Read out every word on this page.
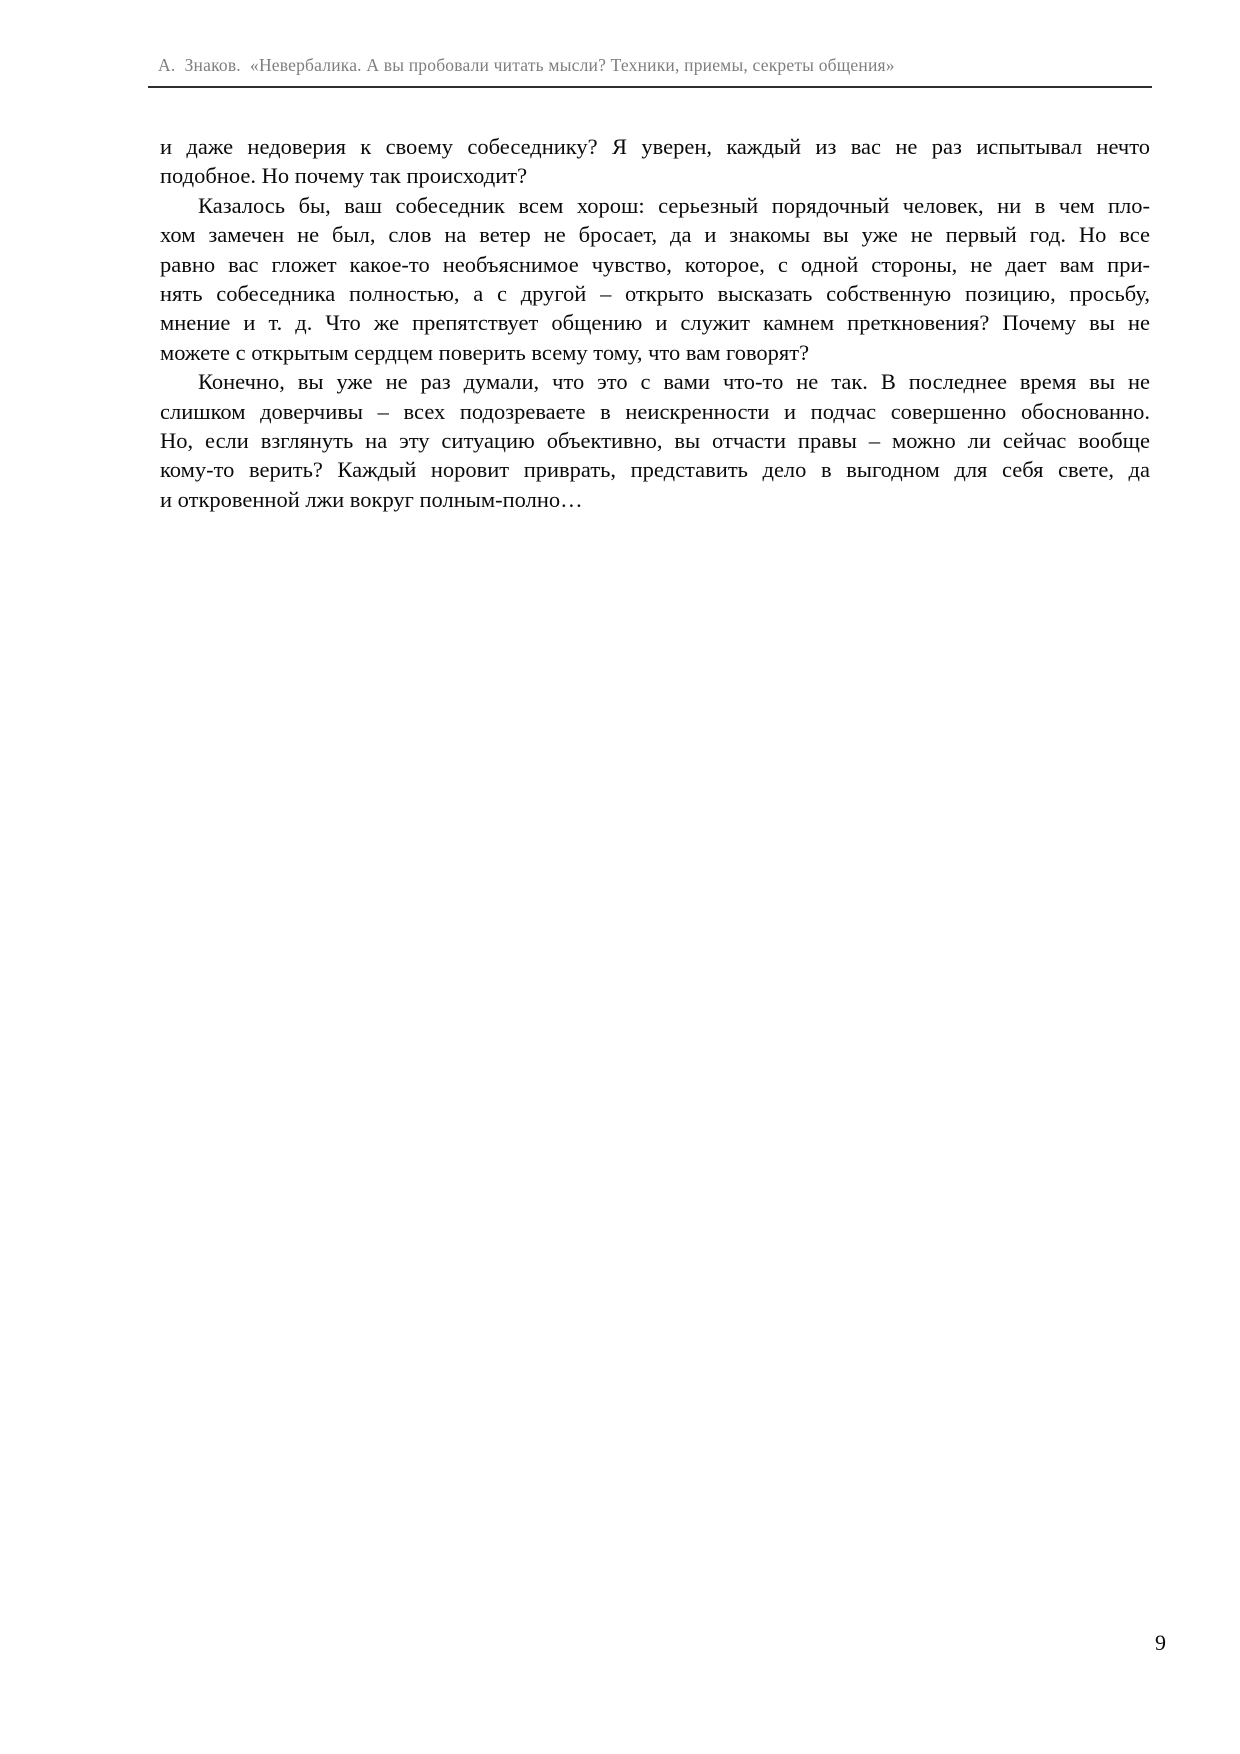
А.  Знаков.  «Невербалика. А вы пробовали читать мысли? Техники, приемы, секреты общения»
и даже недоверия к своему собеседнику? Я уверен, каждый из вас не раз испытывал нечто
подобное. Но почему так происходит?
Казалось бы, ваш собеседник всем хорош: серьезный порядочный человек, ни в чем пло-
хом замечен не был, слов на ветер не бросает, да и знакомы вы уже не первый год. Но все
равно вас гложет какое-то необъяснимое чувство, которое, с одной стороны, не дает вам при-
нять собеседника полностью, а с другой – открыто высказать собственную позицию, просьбу,
мнение и т. д. Что же препятствует общению и служит камнем преткновения? Почему вы не
можете с открытым сердцем поверить всему тому, что вам говорят?
Конечно, вы уже не раз думали, что это с вами что-то не так. В последнее время вы не
слишком доверчивы – всех подозреваете в неискренности и подчас совершенно обоснованно.
Но, если взглянуть на эту ситуацию объективно, вы отчасти правы – можно ли сейчас вообще
кому-то верить? Каждый норовит приврать, представить дело в выгодном для себя свете, да
и откровенной лжи вокруг полным-полно…
9
